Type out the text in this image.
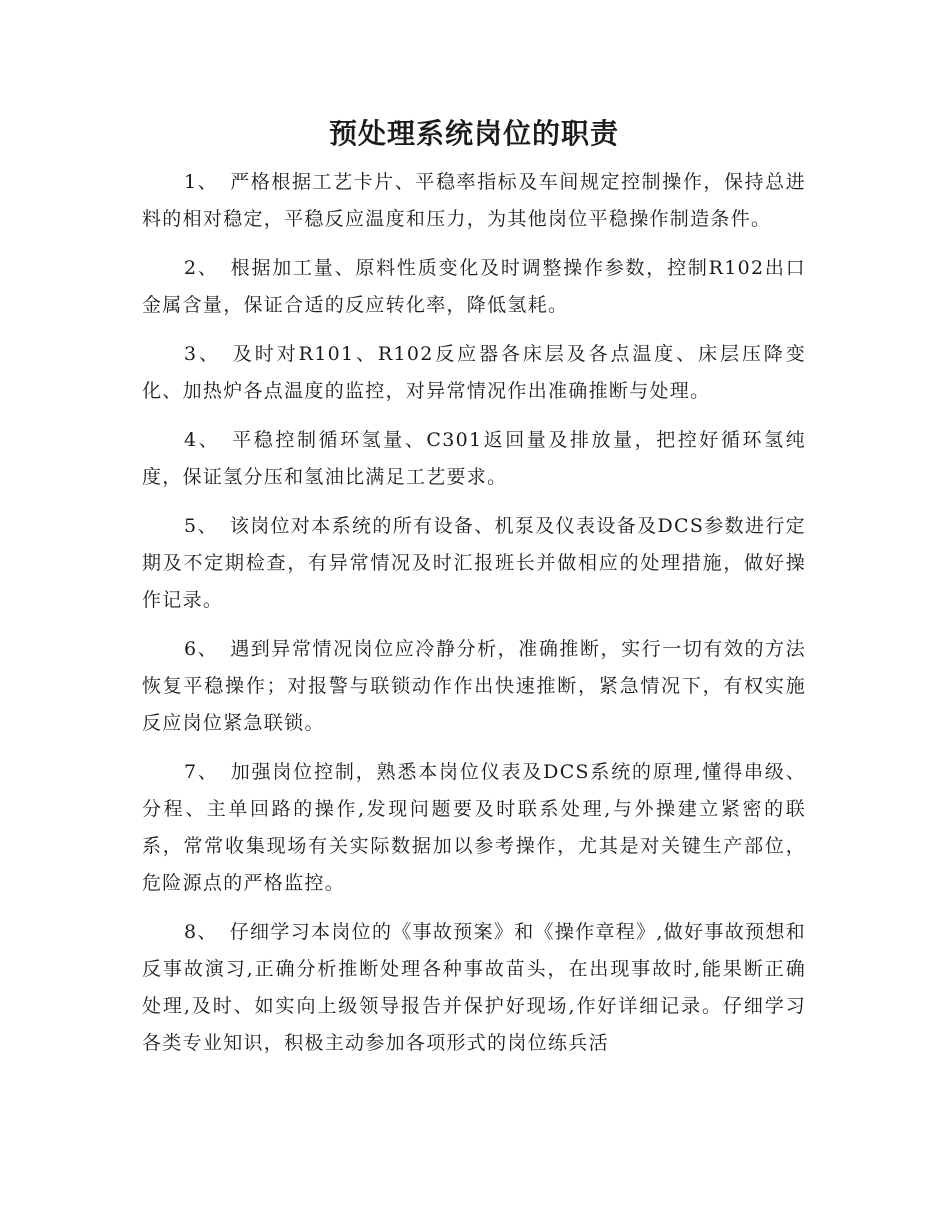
预处理系统岗位的职责

1、 严格根据工艺卡片、平稳率指标及车间规定控制操作，保持总进料的相对稳定，平稳反应温度和压力，为其他岗位平稳操作制造条件。

2、 根据加工量、原料性质变化及时调整操作参数，控制R102出口金属含量，保证合适的反应转化率，降低氢耗。

3、 及时对R101、R102反应器各床层及各点温度、床层压降变化、加热炉各点温度的监控，对异常情况作出准确推断与处理。

4、 平稳控制循环氢量、C301返回量及排放量，把控好循环氢纯度，保证氢分压和氢油比满足工艺要求。

5、 该岗位对本系统的所有设备、机泵及仪表设备及DCS参数进行定期及不定期检查，有异常情况及时汇报班长并做相应的处理措施，做好操作记录。

6、 遇到异常情况岗位应冷静分析，准确推断，实行一切有效的方法恢复平稳操作；对报警与联锁动作作出快速推断，紧急情况下，有权实施反应岗位紧急联锁。

7、 加强岗位控制，熟悉本岗位仪表及DCS系统的原理,懂得串级、分程、主单回路的操作,发现问题要及时联系处理,与外操建立紧密的联系，常常收集现场有关实际数据加以参考操作，尤其是对关键生产部位，危险源点的严格监控。

8、 仔细学习本岗位的《事故预案》和《操作章程》,做好事故预想和反事故演习,正确分析推断处理各种事故苗头，在出现事故时,能果断正确处理,及时、如实向上级领导报告并保护好现场,作好详细记录。仔细学习各类专业知识，积极主动参加各项形式的岗位练兵活
